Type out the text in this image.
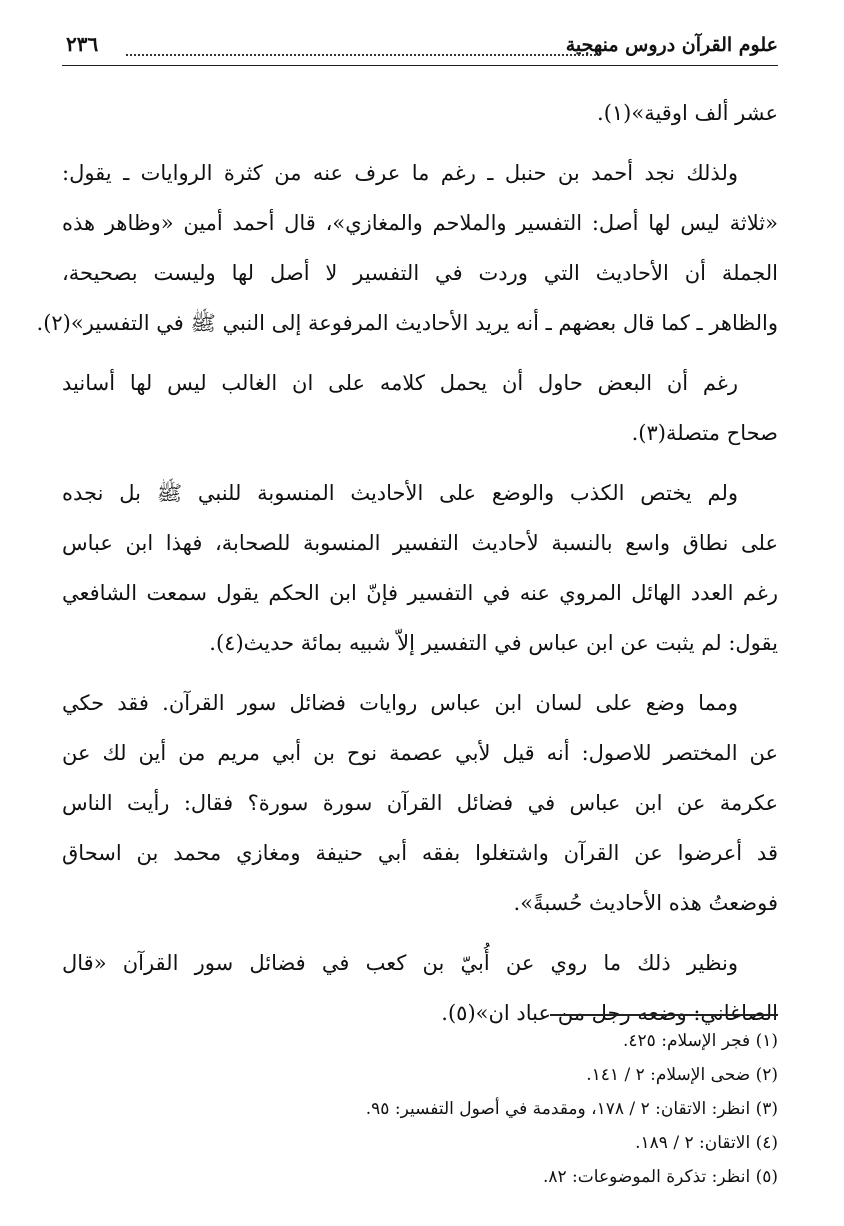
علوم القرآن دروس منهجية
٢٣٦
عشر ألف اوقية»(١).
ولذلك نجد أحمد بن حنبل ـ رغم ما عرف عنه من كثرة الروايات ـ يقول:
«ثلاثة ليس لها أصل: التفسير والملاحم والمغازي»، قال أحمد أمين «وظاهر هذه
الجملة أن الأحاديث التي وردت في التفسير لا أصل لها وليست بصحيحة،
والظاهر ـ كما قال بعضهم ـ أنه يريد الأحاديث المرفوعة إلى النبي ﷺ في التفسير»(٢).
رغم أن البعض حاول أن يحمل كلامه على ان الغالب ليس لها أسانيد
صحاح متصلة(٣).
ولم يختص الكذب والوضع على الأحاديث المنسوبة للنبي ﷺ بل نجده
على نطاق واسع بالنسبة لأحاديث التفسير المنسوبة للصحابة، فهذا ابن عباس
رغم العدد الهائل المروي عنه في التفسير فإنّ ابن الحكم يقول سمعت الشافعي
يقول: لم يثبت عن ابن عباس في التفسير إلاّ شبيه بمائة حديث(٤).
ومما وضع على لسان ابن عباس روايات فضائل سور القرآن. فقد حكي
عن المختصر للاصول: أنه قيل لأبي عصمة نوح بن أبي مريم من أين لك عن
عكرمة عن ابن عباس في فضائل القرآن سورة سورة؟ فقال: رأيت الناس
قد أعرضوا عن القرآن واشتغلوا بفقه أبي حنيفة ومغازي محمد بن اسحاق
فوضعتُ هذه الأحاديث حُسبةً».
ونظير ذلك ما روي عن أُبيّ بن كعب في فضائل سور القرآن «قال
الصاغاني: وضعه رجل من عباد ان»(٥).
(١) فجر الإسلام: ٤٢٥.
(٢) ضحى الإسلام: ٢ / ١٤١.
(٣) انظر: الاتقان: ٢ / ١٧٨، ومقدمة في أصول التفسير: ٩٥.
(٤) الاتقان: ٢ / ١٨٩.
(٥) انظر: تذكرة الموضوعات: ٨٢.
